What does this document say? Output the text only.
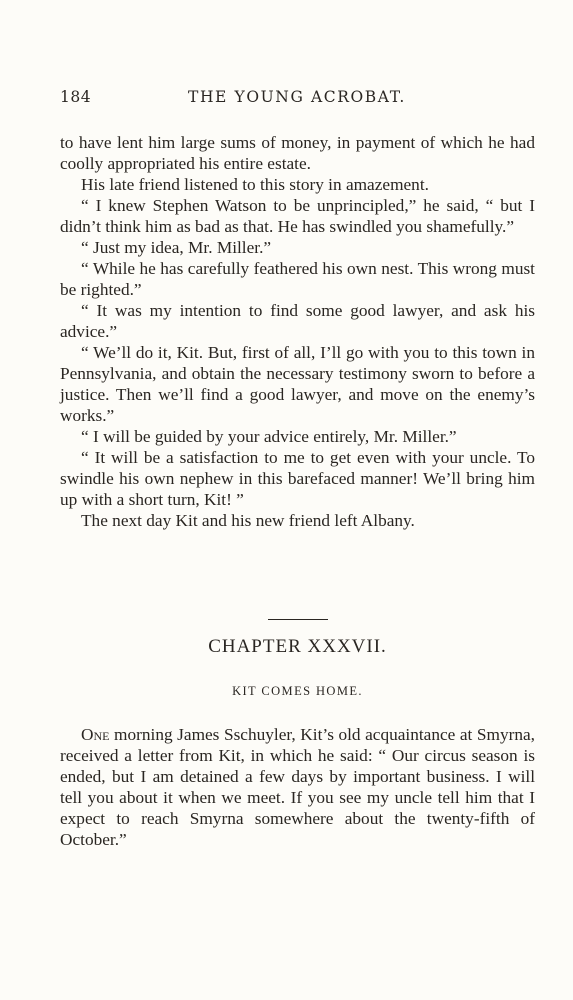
184	THE YOUNG ACROBAT.

to have lent him large sums of money, in payment of which he had coolly appropriated his entire estate.

His late friend listened to this story in amazement.

“ I knew Stephen Watson to be unprincipled,” he said, “ but I didn’t think him as bad as that. He has swindled you shamefully.”

“ Just my idea, Mr. Miller.”

“ While he has carefully feathered his own nest. This wrong must be righted.”

“ It was my intention to find some good lawyer, and ask his advice.”

“ We’ll do it, Kit. But, first of all, I’ll go with you to this town in Pennsylvania, and obtain the necessary testimony sworn to before a justice. Then we’ll find a good lawyer, and move on the enemy’s works.”

“ I will be guided by your advice entirely, Mr. Miller.”

“ It will be a satisfaction to me to get even with your uncle. To swindle his own nephew in this barefaced manner! We’ll bring him up with a short turn, Kit! ”

The next day Kit and his new friend left Albany.

CHAPTER XXXVII.
KIT COMES HOME.

One morning James Sschuyler, Kit’s old acquaintance at Smyrna, received a letter from Kit, in which he said: “ Our circus season is ended, but I am detained a few days by important business. I will tell you about it when we meet. If you see my uncle tell him that I expect to reach Smyrna somewhere about the twenty-fifth of October.”
